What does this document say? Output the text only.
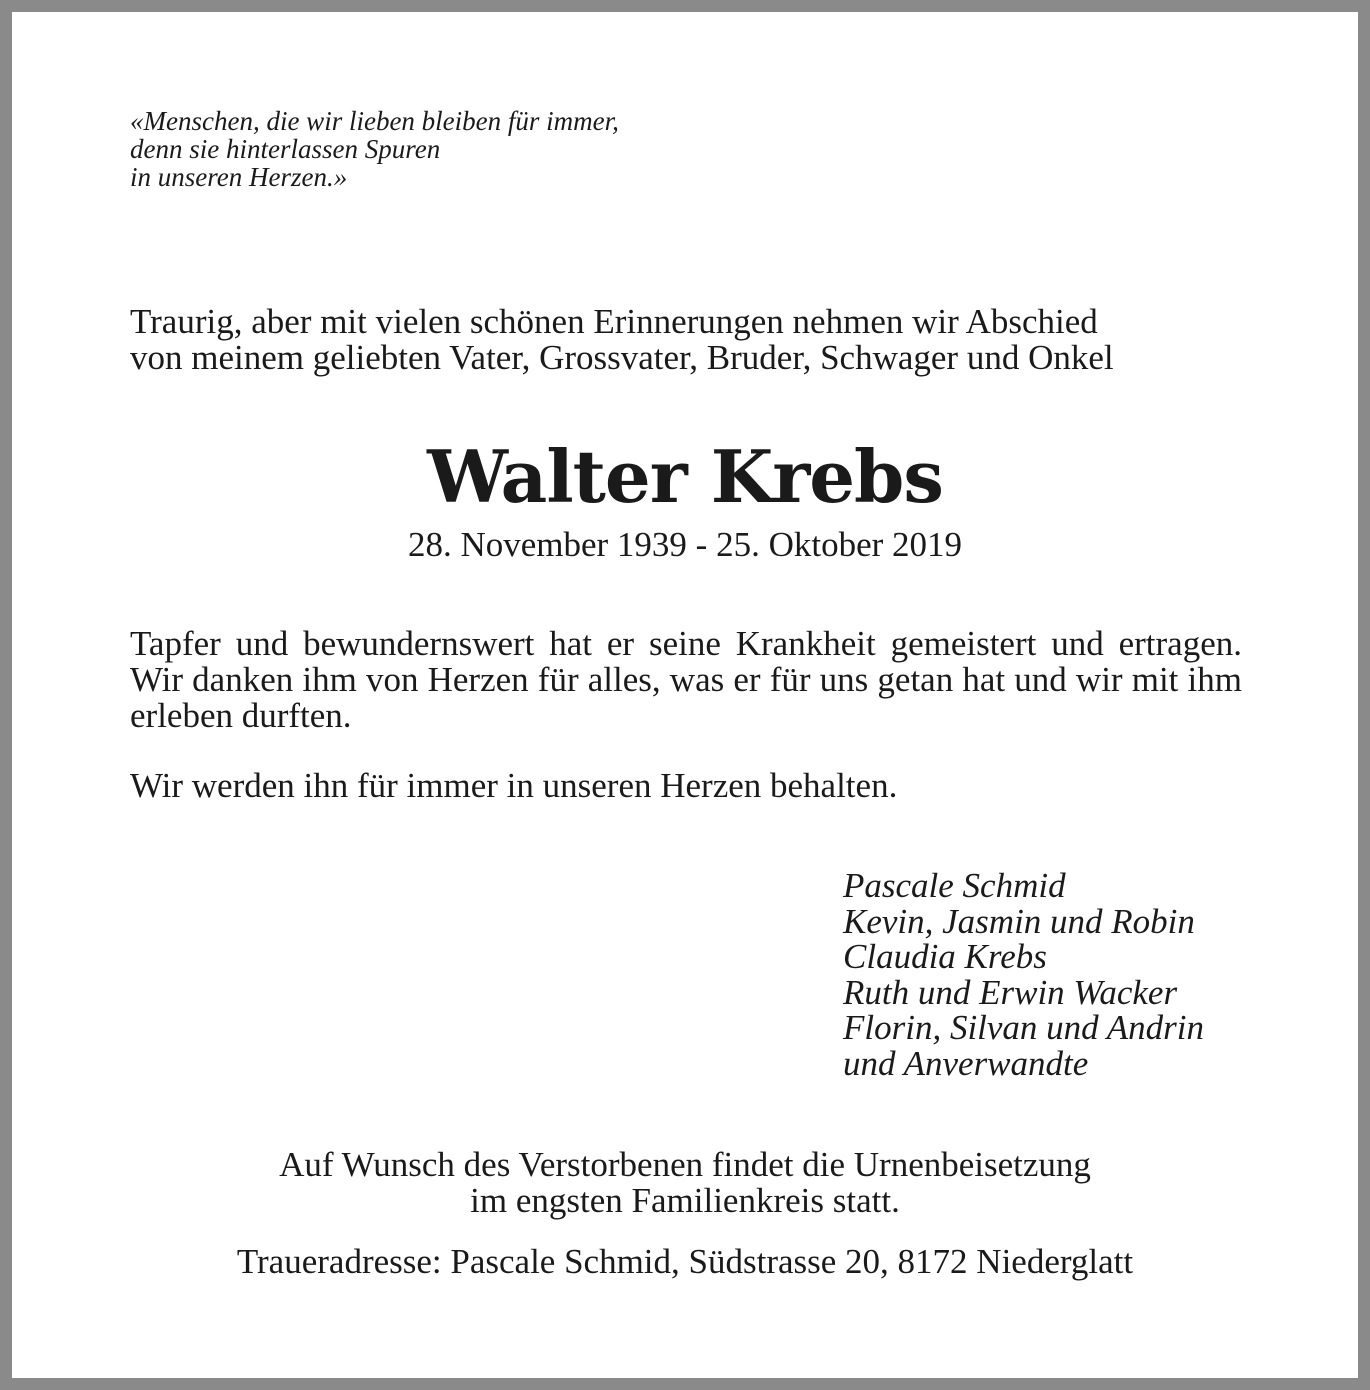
«Menschen, die wir lieben bleiben für immer,
denn sie hinterlassen Spuren
in unseren Herzen.»
Traurig, aber mit vielen schönen Erinnerungen nehmen wir Abschied
von meinem geliebten Vater, Grossvater, Bruder, Schwager und Onkel
Walter Krebs
28. November 1939 - 25. Oktober 2019
Tapfer und bewundernswert hat er seine Krankheit gemeistert und ertragen. Wir danken ihm von Herzen für alles, was er für uns getan hat und wir mit ihm erleben durften.
Wir werden ihn für immer in unseren Herzen behalten.
Pascale Schmid
Kevin, Jasmin und Robin
Claudia Krebs
Ruth und Erwin Wacker
Florin, Silvan und Andrin
und Anverwandte
Auf Wunsch des Verstorbenen findet die Urnenbeisetzung
im engsten Familienkreis statt.
Traueradresse: Pascale Schmid, Südstrasse 20, 8172 Niederglatt
